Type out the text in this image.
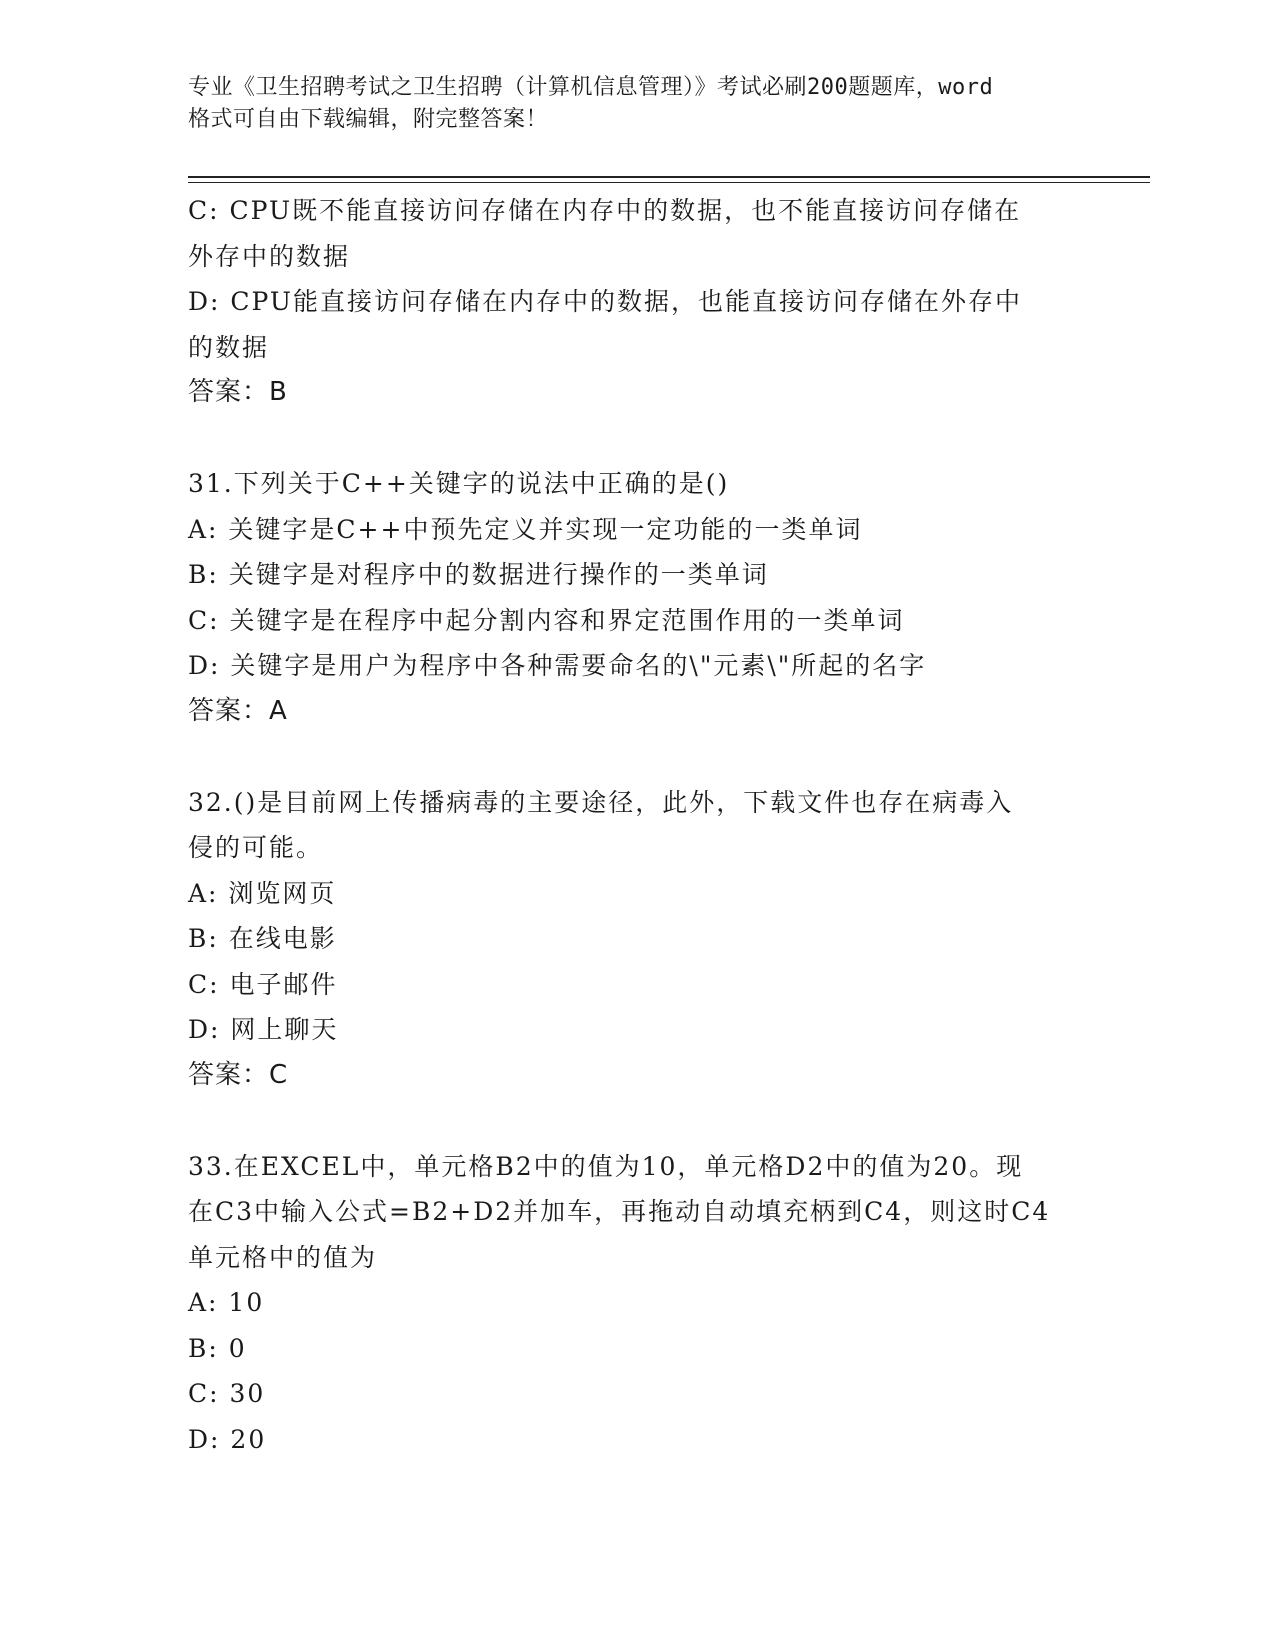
专业《卫生招聘考试之卫生招聘（计算机信息管理）》考试必刷200题题库，word
格式可自由下载编辑，附完整答案！
C: CPU既不能直接访问存储在内存中的数据，也不能直接访问存储在
外存中的数据
D: CPU能直接访问存储在内存中的数据，也能直接访问存储在外存中
的数据
答案：B
31.下列关于C++关键字的说法中正确的是()
A: 关键字是C++中预先定义并实现一定功能的一类单词
B: 关键字是对程序中的数据进行操作的一类单词
C: 关键字是在程序中起分割内容和界定范围作用的一类单词
D: 关键字是用户为程序中各种需要命名的\"元素\"所起的名字
答案：A
32.()是目前网上传播病毒的主要途径，此外，下载文件也存在病毒入
侵的可能。
A: 浏览网页
B: 在线电影
C: 电子邮件
D: 网上聊天
答案：C
33.在EXCEL中，单元格B2中的值为10，单元格D2中的值为20。现
在C3中输入公式=B2+D2并加车，再拖动自动填充柄到C4，则这时C4
单元格中的值为
A: 10
B: 0
C: 30
D: 20
